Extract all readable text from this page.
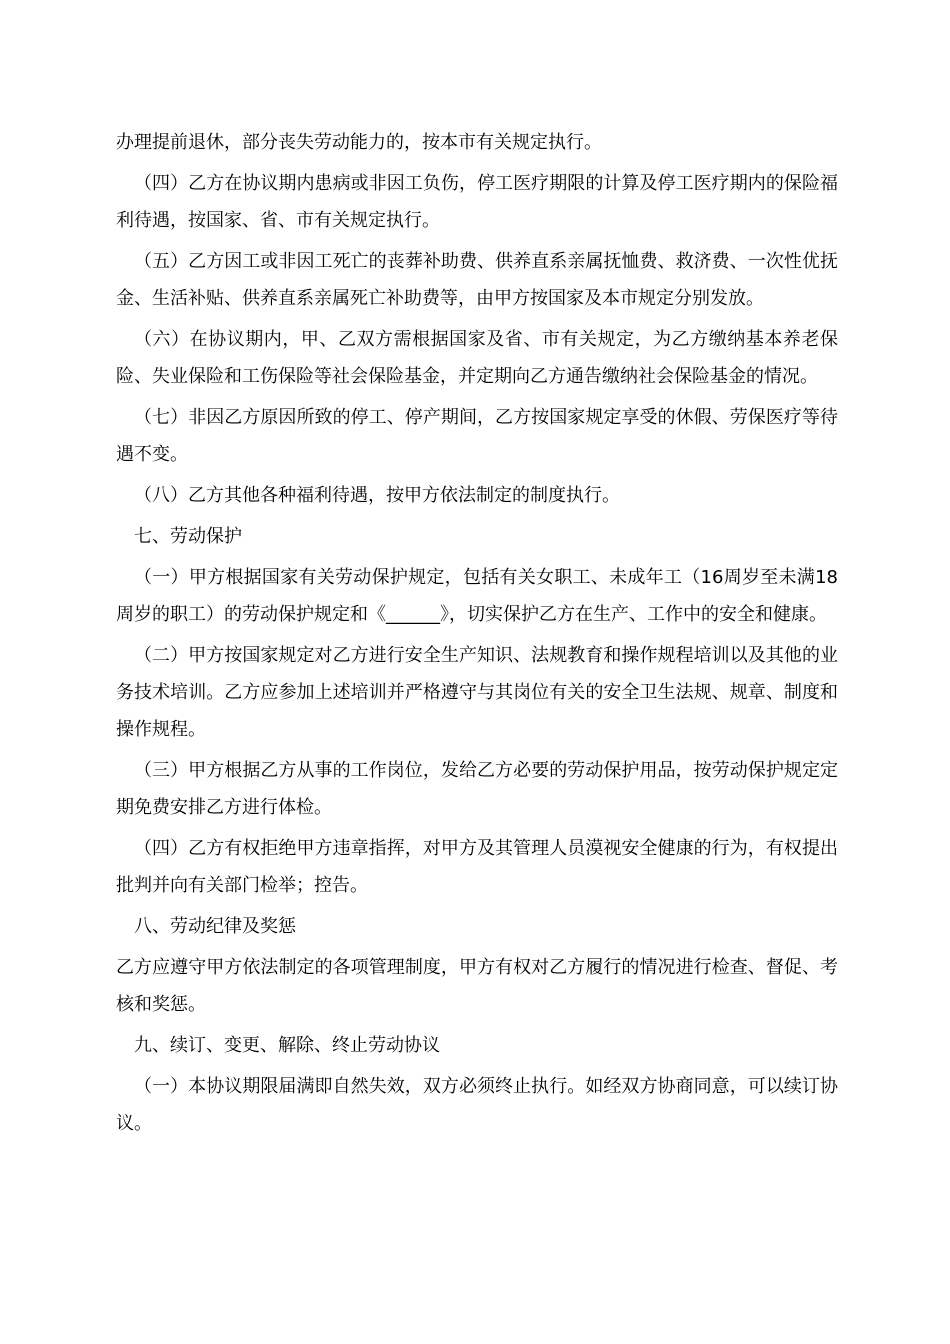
办理提前退休，部分丧失劳动能力的，按本市有关规定执行。

（四）乙方在协议期内患病或非因工负伤，停工医疗期限的计算及停工医疗期内的保险福利待遇，按国家、省、市有关规定执行。

（五）乙方因工或非因工死亡的丧葬补助费、供养直系亲属抚恤费、救济费、一次性优抚金、生活补贴、供养直系亲属死亡补助费等，由甲方按国家及本市规定分别发放。

（六）在协议期内，甲、乙双方需根据国家及省、市有关规定，为乙方缴纳基本养老保险、失业保险和工伤保险等社会保险基金，并定期向乙方通告缴纳社会保险基金的情况。

（七）非因乙方原因所致的停工、停产期间，乙方按国家规定享受的休假、劳保医疗等待遇不变。

（八）乙方其他各种福利待遇，按甲方依法制定的制度执行。

七、劳动保护

（一）甲方根据国家有关劳动保护规定，包括有关女职工、未成年工（16周岁至未满18周岁的职工）的劳动保护规定和《______》，切实保护乙方在生产、工作中的安全和健康。

（二）甲方按国家规定对乙方进行安全生产知识、法规教育和操作规程培训以及其他的业务技术培训。乙方应参加上述培训并严格遵守与其岗位有关的安全卫生法规、规章、制度和操作规程。

（三）甲方根据乙方从事的工作岗位，发给乙方必要的劳动保护用品，按劳动保护规定定期免费安排乙方进行体检。

（四）乙方有权拒绝甲方违章指挥，对甲方及其管理人员漠视安全健康的行为，有权提出批判并向有关部门检举；控告。

八、劳动纪律及奖惩

乙方应遵守甲方依法制定的各项管理制度，甲方有权对乙方履行的情况进行检查、督促、考核和奖惩。

九、续订、变更、解除、终止劳动协议

（一）本协议期限届满即自然失效，双方必须终止执行。如经双方协商同意，可以续订协议。
